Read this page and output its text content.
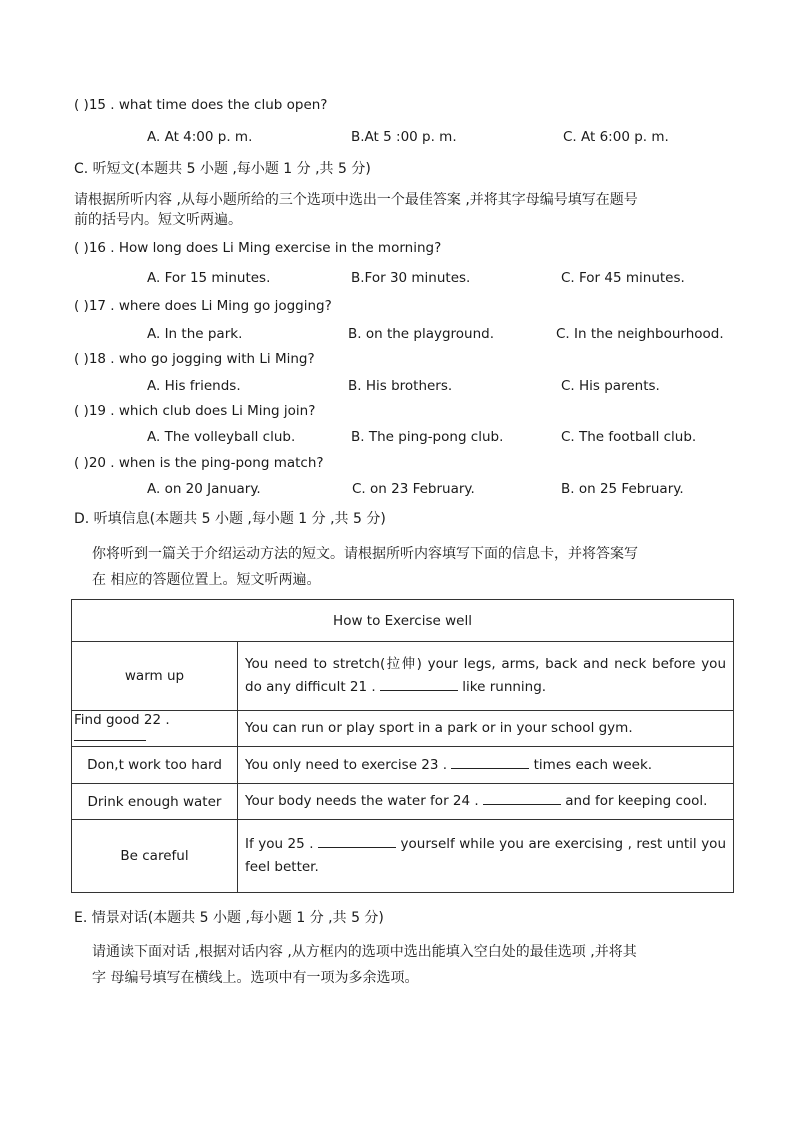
( )15 . what time does the club open?
A. At 4:00 p. m.	B.At 5 :00 p. m.	C. At 6:00 p. m.
C. 听短文(本题共 5 小题 ,每小题 1 分 ,共 5 分)
请根据所听内容 ,从每小题所给的三个选项中选出一个最佳答案 ,并将其字母编号填写在题号
前的括号内。短文听两遍。
( )16 . How long does Li Ming exercise in the morning?
A. For 15 minutes.	B.For 30 minutes.	C. For 45 minutes.
( )17 . where does Li Ming go jogging?
A. In the park.	B. on the playground.	C. In the neighbourhood.
( )18 . who go jogging with Li Ming?
A. His friends.	B. His brothers.	C. His parents.
( )19 . which club does Li Ming join?
A. The volleyball club.	B. The ping-pong club.	C. The football club.
( )20 . when is the ping-pong match?
A. on 20 January.	C. on 23 February.	B. on 25 February.
D. 听填信息(本题共 5 小题 ,每小题 1 分 ,共 5 分)
你将听到一篇关于介绍运动方法的短文。请根据所听内容填写下面的信息卡，并将答案写
在 相应的答题位置上。短文听两遍。
How to Exercise well	
warm up	You need to stretch(拉伸) your legs, arms, back and neck before you do any difficult 21 . like running.
Find good 22 .	You can run or play sport in a park or in your school gym.
Don,t work too hard	You only need to exercise 23 . times each week.
Drink enough water	Your body needs the water for 24 . and for keeping cool.
Be careful	If you 25 . yourself while you are exercising , rest until you feel better.
E. 情景对话(本题共 5 小题 ,每小题 1 分 ,共 5 分)
请通读下面对话 ,根据对话内容 ,从方框内的选项中选出能填入空白处的最佳选项 ,并将其
字 母编号填写在横线上。选项中有一项为多余选项。
